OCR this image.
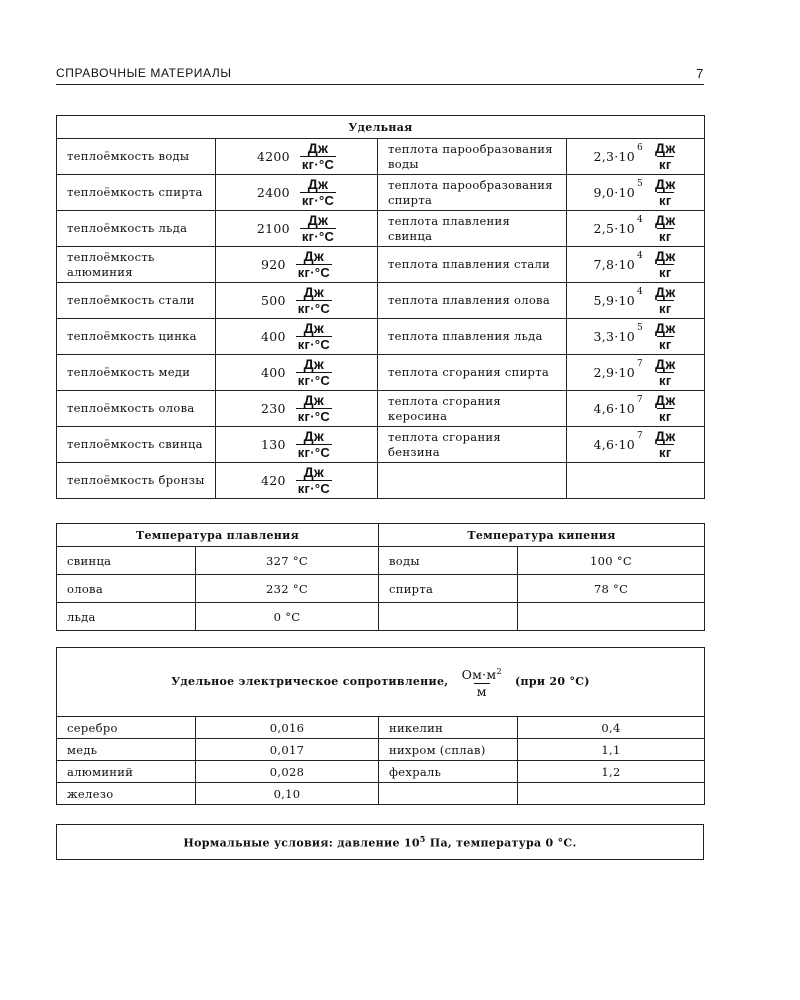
СПРАВОЧНЫЕ МАТЕРИАЛЫ	7
Удельная			
теплоёмкость воды	$4200 \frac{Дж}{кг\cdot^\circ С}$	теплота парообразования воды	$2,3\cdot 10^6 \frac{Дж}{кг}$

теплоёмкость спирта	$2400 \frac{Дж}{кг\cdot^\circ С}$	теплота парообразования спирта	$9,0\cdot 10^5 \frac{Дж}{кг}$

теплоёмкость льда	$2100 \frac{Дж}{кг\cdot^\circ С}$	теплота плавления свинца	$2,5\cdot 10^4 \frac{Дж}{кг}$

теплоёмкость алюминия	$920 \frac{Дж}{кг\cdot^\circ С}$	теплота плавления стали	$7,8\cdot 10^4 \frac{Дж}{кг}$

теплоёмкость стали	$500 \frac{Дж}{кг\cdot^\circ С}$	теплота плавления олова	$5,9\cdot 10^4 \frac{Дж}{кг}$

теплоёмкость цинка	$400 \frac{Дж}{кг\cdot^\circ С}$	теплота плавления льда	$3,3\cdot 10^5 \frac{Дж}{кг}$

теплоёмкость меди	$400 \frac{Дж}{кг\cdot^\circ С}$	теплота сгорания спирта	$2,9\cdot 10^7 \frac{Дж}{кг}$

теплоёмкость олова	$230 \frac{Дж}{кг\cdot^\circ С}$	теплота сгорания керосина	$4,6\cdot 10^7 \frac{Дж}{кг}$

теплоёмкость свинца	$130 \frac{Дж}{кг\cdot^\circ С}$	теплота сгорания бензина	$4,6\cdot 10^7 \frac{Дж}{кг}$

теплоёмкость бронзы	$420 \frac{Дж}{кг\cdot^\circ С}$

Температура плавления		Температура кипения	
свинца	327 °С	воды	100 °С
олова	232 °С	спирта	78 °С
льда	0 °С		
Удельное электрическое сопротивление, $Ом\cdot м^2$
м
(при 20 °С)			
серебро	0,016	никелин	0,4
медь	0,017	нихром (сплав)	1,1
алюминий	0,028	фехраль	1,2
железо	0,10		
Нормальные условия: давление $10^5$ Па, температура 0 °С.
